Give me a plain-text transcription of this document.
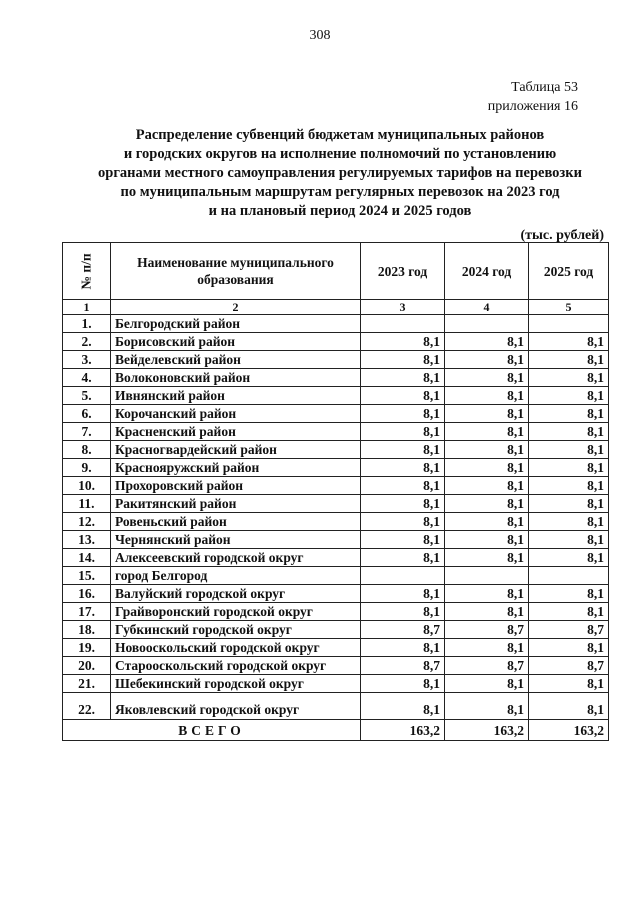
308
Таблица 53
приложения 16
Распределение субвенций бюджетам муниципальных районов
и городских округов на исполнение полномочий по установлению
органами местного самоуправления регулируемых тарифов на перевозки
по муниципальным маршрутам регулярных перевозок на 2023 год
и на плановый период 2024 и 2025 годов
(тыс. рублей)
№ п/п	Наименование муниципального образования	2023 год	2024 год	2025 год
1	2	3	4	5
1.	Белгородский район			
2.	Борисовский район	8,1	8,1	8,1
3.	Вейделевский район	8,1	8,1	8,1
4.	Волоконовский район	8,1	8,1	8,1
5.	Ивнянский район	8,1	8,1	8,1
6.	Корочанский район	8,1	8,1	8,1
7.	Красненский район	8,1	8,1	8,1
8.	Красногвардейский район	8,1	8,1	8,1
9.	Краснояружский район	8,1	8,1	8,1
10.	Прохоровский район	8,1	8,1	8,1
11.	Ракитянский район	8,1	8,1	8,1
12.	Ровеньский район	8,1	8,1	8,1
13.	Чернянский район	8,1	8,1	8,1
14.	Алексеевский городской округ	8,1	8,1	8,1
15.	город Белгород			
16.	Валуйский городской округ	8,1	8,1	8,1
17.	Грайворонский городской округ	8,1	8,1	8,1
18.	Губкинский городской округ	8,7	8,7	8,7
19.	Новооскольский городской округ	8,1	8,1	8,1
20.	Старооскольский городской округ	8,7	8,7	8,7
21.	Шебекинский городской округ	8,1	8,1	8,1
22.	Яковлевский городской округ	8,1	8,1	8,1
ВСЕГО		163,2	163,2	163,2
